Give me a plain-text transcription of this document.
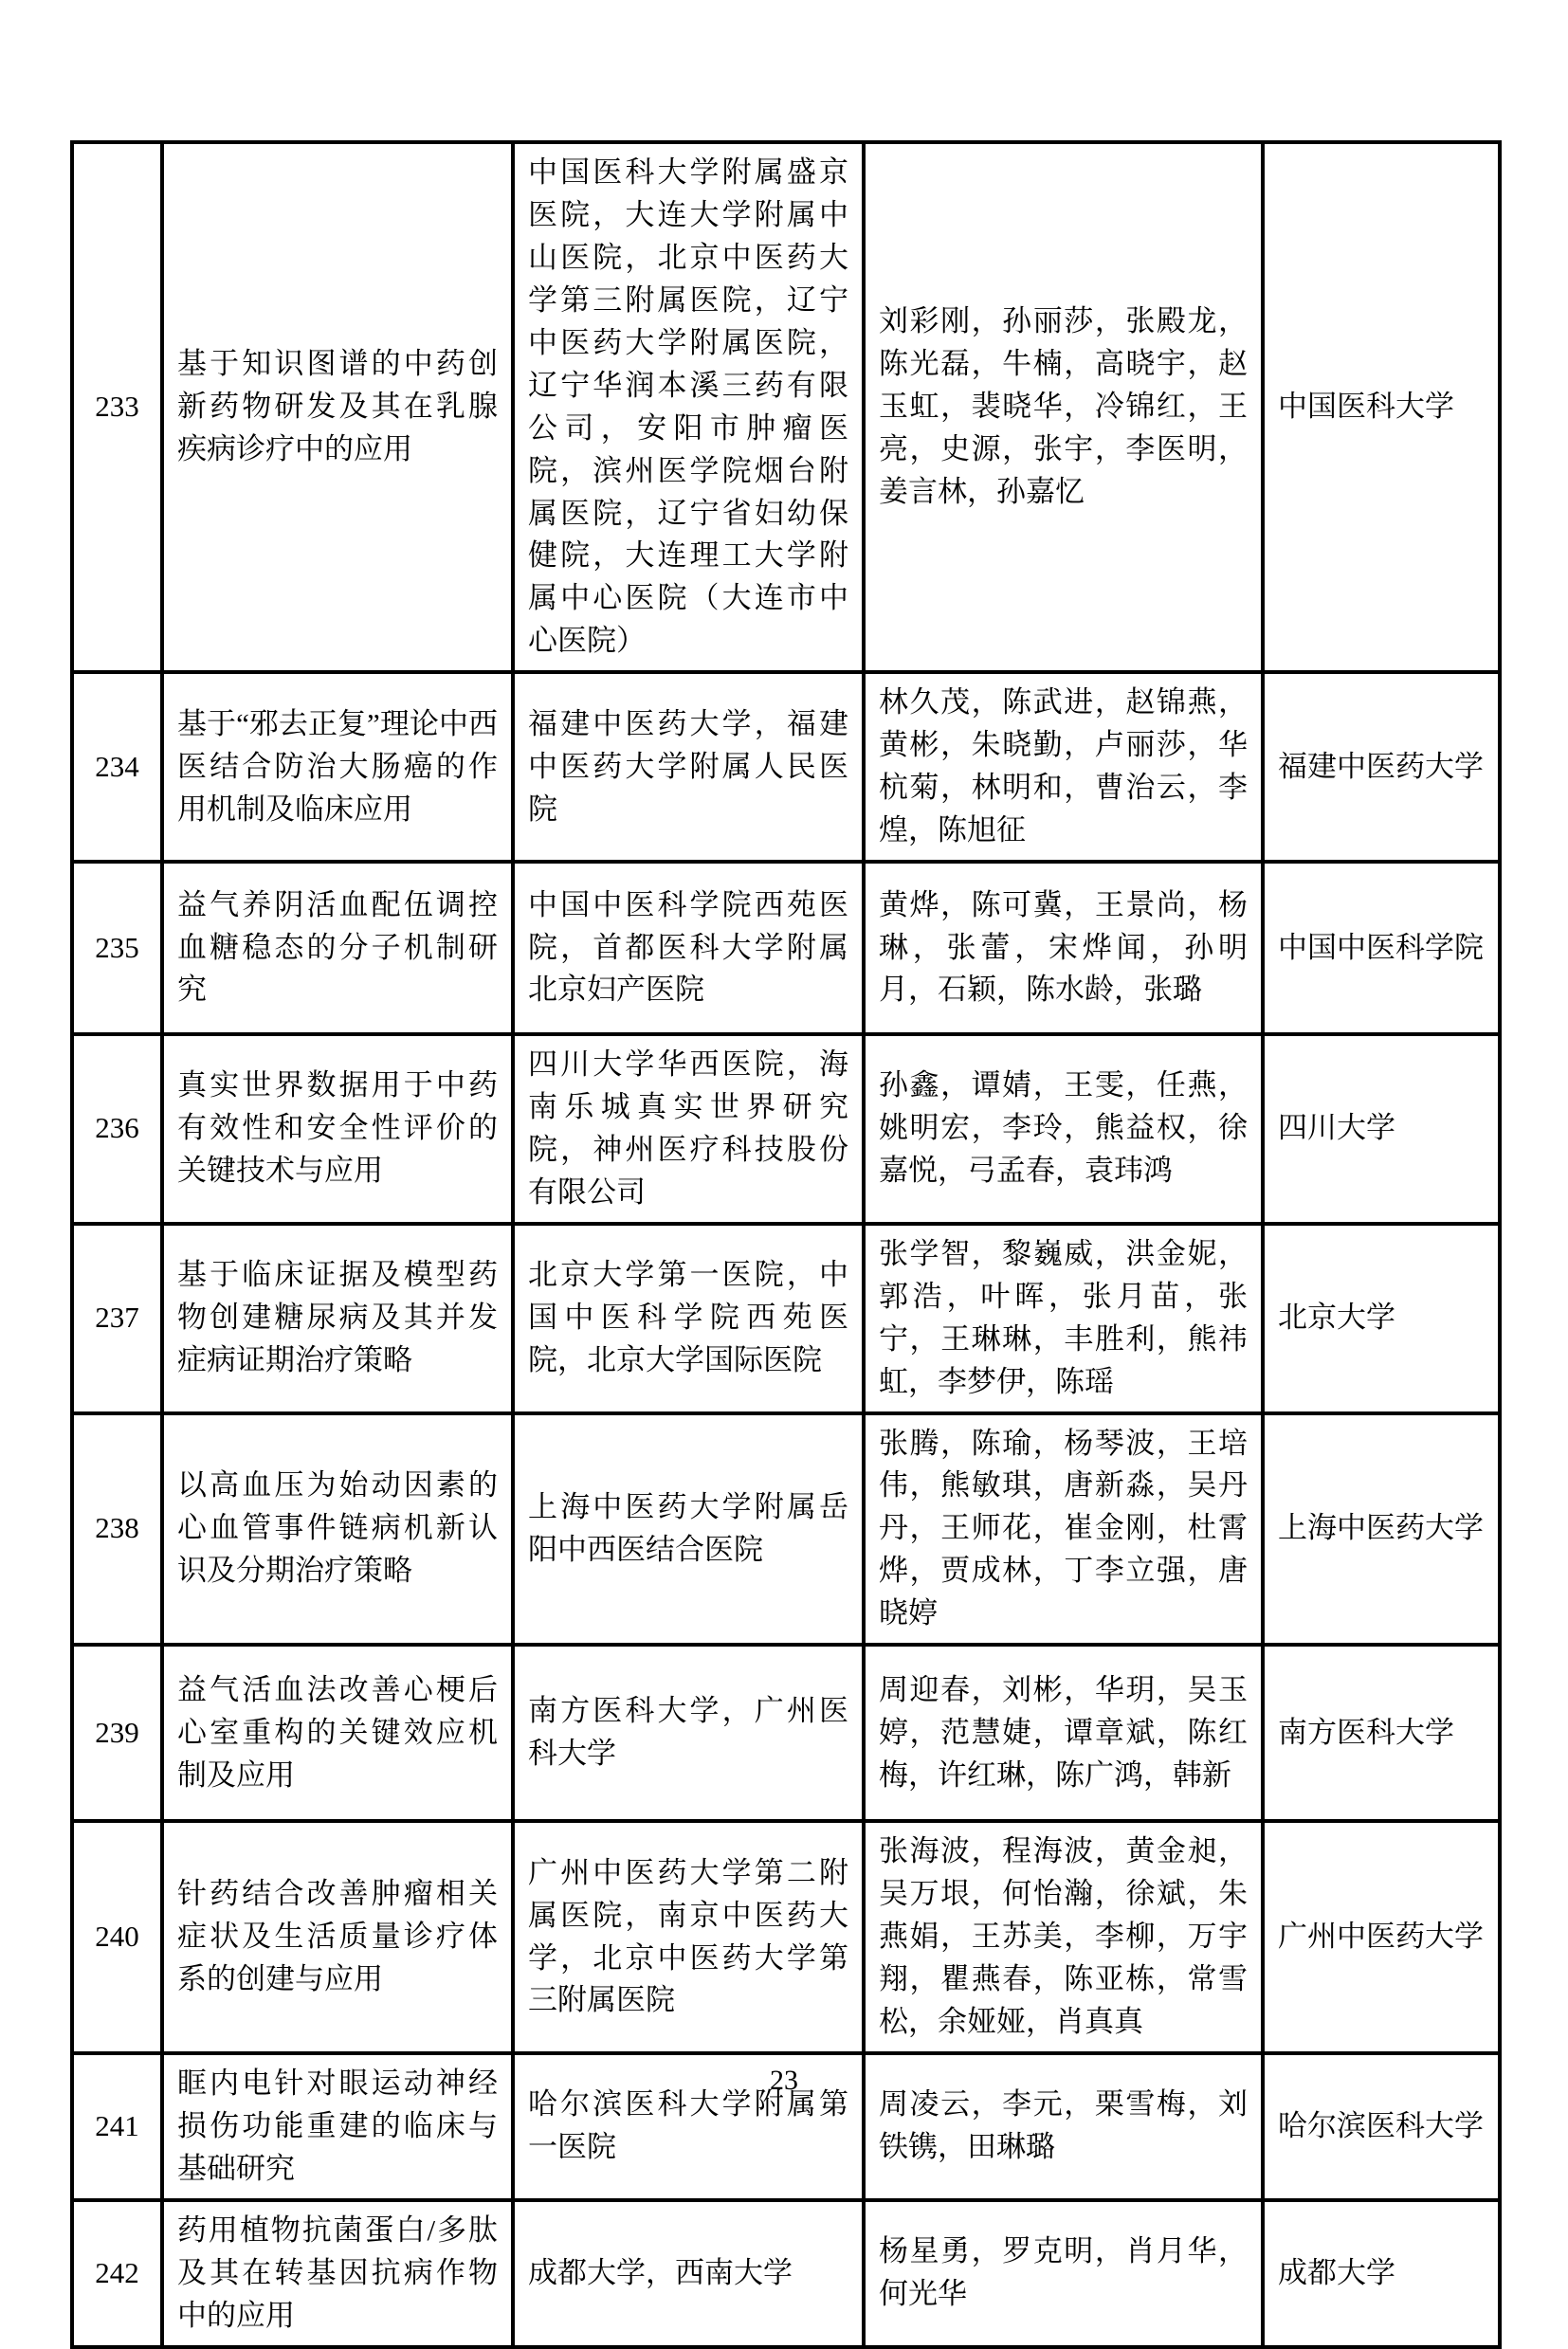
233	基于知识图谱的中药创新药物研发及其在乳腺疾病诊疗中的应用	中国医科大学附属盛京医院，大连大学附属中山医院，北京中医药大学第三附属医院，辽宁中医药大学附属医院，辽宁华润本溪三药有限公司，安阳市肿瘤医院，滨州医学院烟台附属医院，辽宁省妇幼保健院，大连理工大学附属中心医院（大连市中心医院）	刘彩刚，孙丽莎，张殿龙，陈光磊，牛楠，高晓宇，赵玉虹，裴晓华，冷锦红，王亮，史源，张宇，李医明，姜言林，孙嘉忆	中国医科大学
234	基于“邪去正复”理论中西医结合防治大肠癌的作用机制及临床应用	福建中医药大学，福建中医药大学附属人民医院	林久茂，陈武进，赵锦燕，黄彬，朱晓勤，卢丽莎，华杭菊，林明和，曹治云，李煌，陈旭征	福建中医药大学
235	益气养阴活血配伍调控血糖稳态的分子机制研究	中国中医科学院西苑医院，首都医科大学附属北京妇产医院	黄烨，陈可冀，王景尚，杨琳，张蕾，宋烨闻，孙明月，石颖，陈水龄，张璐	中国中医科学院
236	真实世界数据用于中药有效性和安全性评价的关键技术与应用	四川大学华西医院，海南乐城真实世界研究院，神州医疗科技股份有限公司	孙鑫，谭婧，王雯，任燕，姚明宏，李玲，熊益权，徐嘉悦，弓孟春，袁玮鸿	四川大学
237	基于临床证据及模型药物创建糖尿病及其并发症病证期治疗策略	北京大学第一医院，中国中医科学院西苑医院，北京大学国际医院	张学智，黎巍威，洪金妮，郭浩，叶晖，张月苗，张宁，王琳琳，丰胜利，熊祎虹，李梦伊，陈瑶	北京大学
238	以高血压为始动因素的心血管事件链病机新认识及分期治疗策略	上海中医药大学附属岳阳中西医结合医院	张腾，陈瑜，杨琴波，王培伟，熊敏琪，唐新淼，吴丹丹，王师花，崔金刚，杜霄烨，贾成林，丁李立强，唐晓婷	上海中医药大学
239	益气活血法改善心梗后心室重构的关键效应机制及应用	南方医科大学，广州医科大学	周迎春，刘彬，华玥，吴玉婷，范慧婕，谭章斌，陈红梅，许红琳，陈广鸿，韩新	南方医科大学
240	针药结合改善肿瘤相关症状及生活质量诊疗体系的创建与应用	广州中医药大学第二附属医院，南京中医药大学，北京中医药大学第三附属医院	张海波，程海波，黄金昶，吴万垠，何怡瀚，徐斌，朱燕娟，王苏美，李柳，万宇翔，瞿燕春，陈亚栋，常雪松，余娅娅，肖真真	广州中医药大学
241	眶内电针对眼运动神经损伤功能重建的临床与基础研究	哈尔滨医科大学附属第一医院	周凌云，李元，栗雪梅，刘铁镌，田琳璐	哈尔滨医科大学
242	药用植物抗菌蛋白/多肽及其在转基因抗病作物中的应用	成都大学，西南大学	杨星勇，罗克明，肖月华，何光华	成都大学
23
